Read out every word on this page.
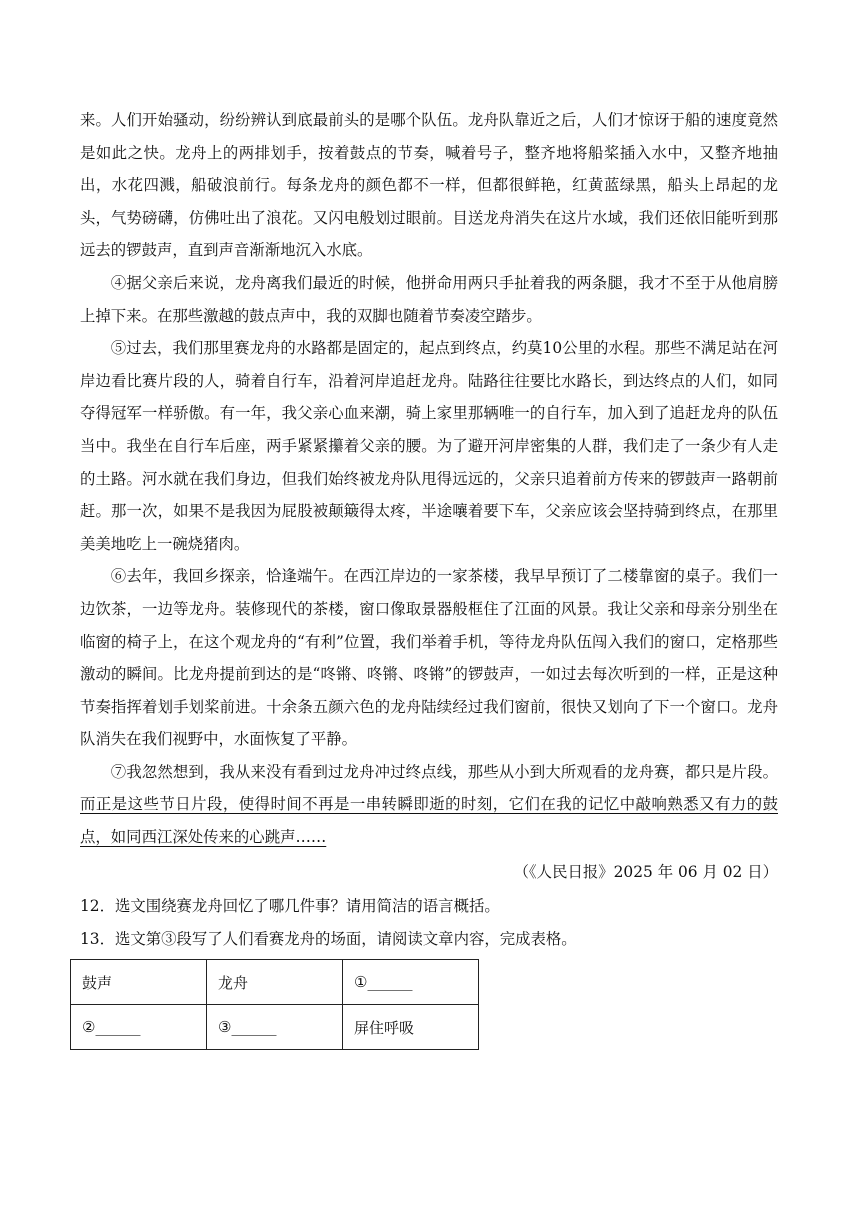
来。人们开始骚动，纷纷辨认到底最前头的是哪个队伍。龙舟队靠近之后，人们才惊讶于船的速度竟然是如此之快。龙舟上的两排划手，按着鼓点的节奏，喊着号子，整齐地将船桨插入水中，又整齐地抽出，水花四溅，船破浪前行。每条龙舟的颜色都不一样，但都很鲜艳，红黄蓝绿黑，船头上昂起的龙头，气势磅礴，仿佛吐出了浪花。又闪电般划过眼前。目送龙舟消失在这片水域，我们还依旧能听到那远去的锣鼓声，直到声音渐渐地沉入水底。

④据父亲后来说，龙舟离我们最近的时候，他拼命用两只手扯着我的两条腿，我才不至于从他肩膀上掉下来。在那些激越的鼓点声中，我的双脚也随着节奏凌空踏步。

⑤过去，我们那里赛龙舟的水路都是固定的，起点到终点，约莫10公里的水程。那些不满足站在河岸边看比赛片段的人，骑着自行车，沿着河岸追赶龙舟。陆路往往要比水路长，到达终点的人们，如同夺得冠军一样骄傲。有一年，我父亲心血来潮，骑上家里那辆唯一的自行车，加入到了追赶龙舟的队伍当中。我坐在自行车后座，两手紧紧攥着父亲的腰。为了避开河岸密集的人群，我们走了一条少有人走的土路。河水就在我们身边，但我们始终被龙舟队甩得远远的，父亲只追着前方传来的锣鼓声一路朝前赶。那一次，如果不是我因为屁股被颠簸得太疼，半途嚷着要下车，父亲应该会坚持骑到终点，在那里美美地吃上一碗烧猪肉。

⑥去年，我回乡探亲，恰逢端午。在西江岸边的一家茶楼，我早早预订了二楼靠窗的桌子。我们一边饮茶，一边等龙舟。装修现代的茶楼，窗口像取景器般框住了江面的风景。我让父亲和母亲分别坐在临窗的椅子上，在这个观龙舟的“有利”位置，我们举着手机，等待龙舟队伍闯入我们的窗口，定格那些激动的瞬间。比龙舟提前到达的是“咚锵、咚锵、咚锵”的锣鼓声，一如过去每次听到的一样，正是这种节奏指挥着划手划桨前进。十余条五颜六色的龙舟陆续经过我们窗前，很快又划向了下一个窗口。龙舟队消失在我们视野中，水面恢复了平静。

⑦我忽然想到，我从来没有看到过龙舟冲过终点线，那些从小到大所观看的龙舟赛，都只是片段。而正是这些节日片段，使得时间不再是一串转瞬即逝的时刻，它们在我的记忆中敲响熟悉又有力的鼓点，如同西江深处传来的心跳声……

（《人民日报》2025 年 06 月 02 日）

12．选文围绕赛龙舟回忆了哪几件事？请用简洁的语言概括。

13．选文第③段写了人们看赛龙舟的场面，请阅读文章内容，完成表格。

鼓声	龙舟	①______
②______	③______	屏住呼吸
